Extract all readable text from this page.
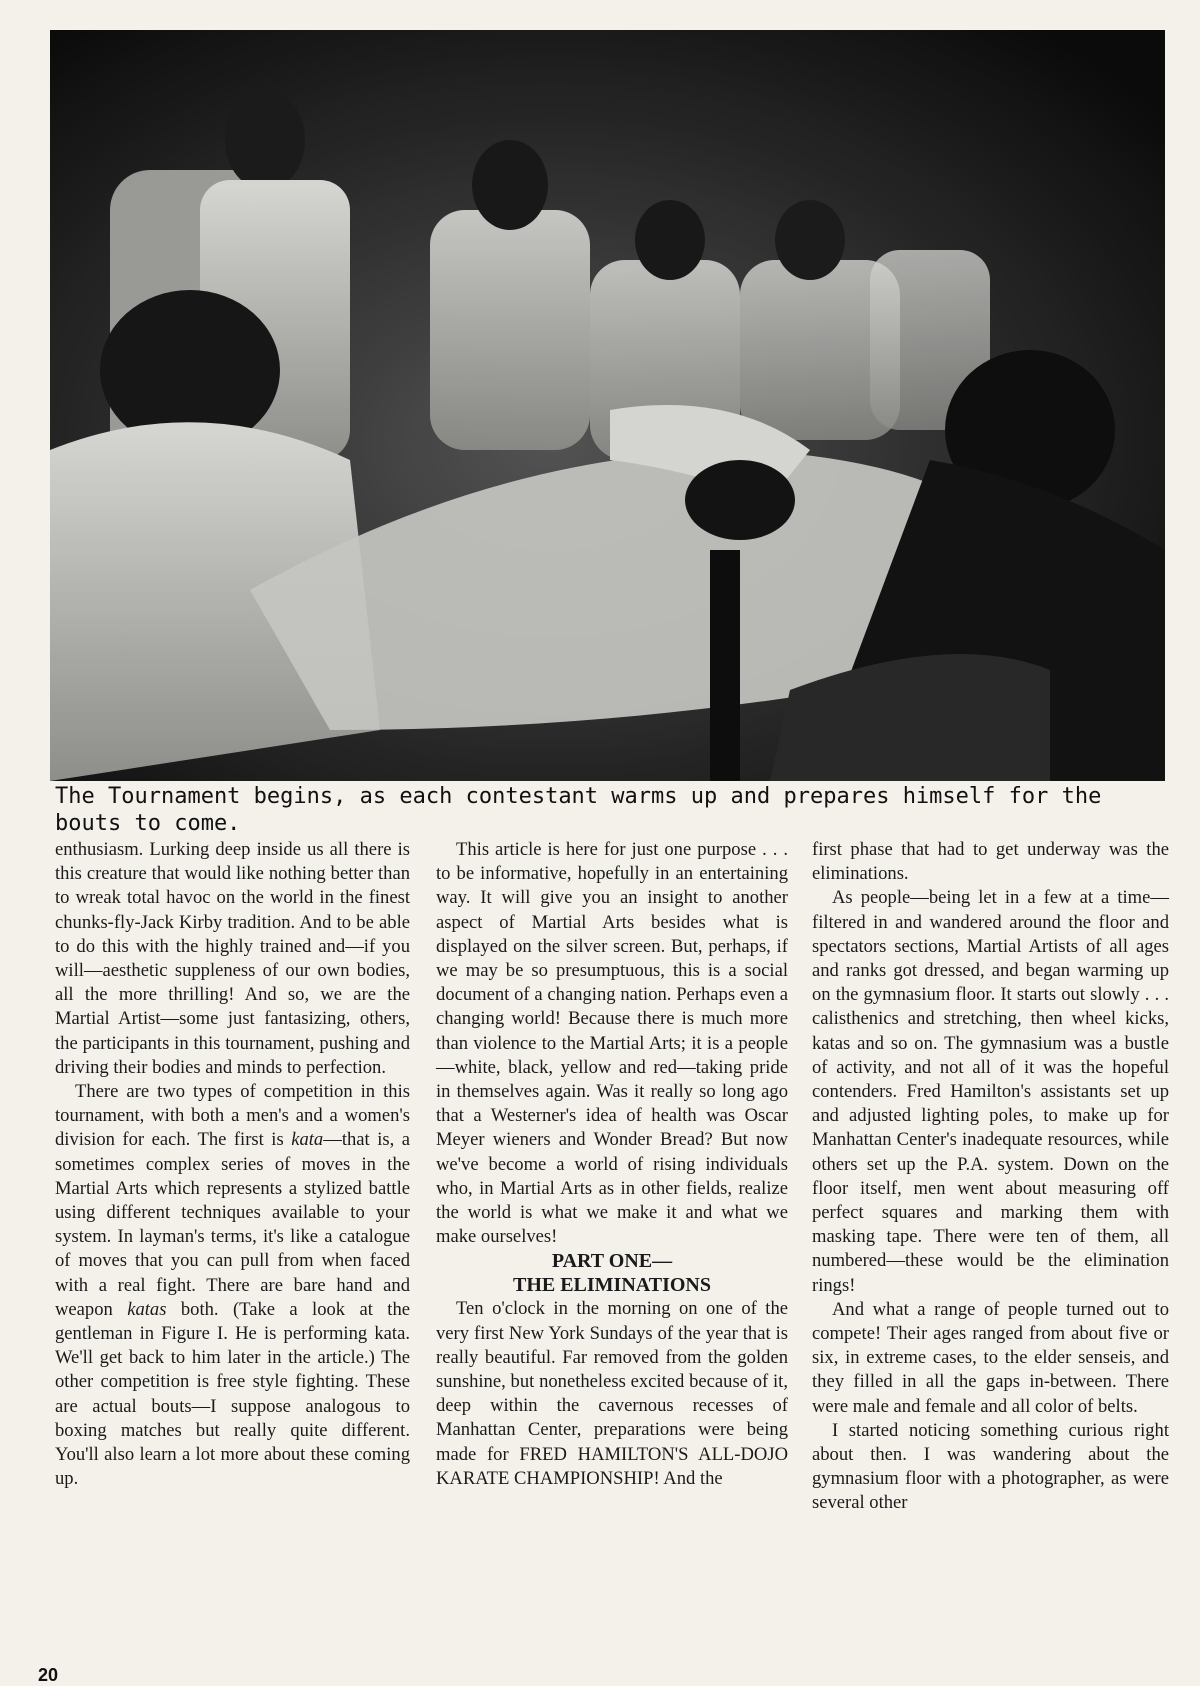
The Tournament begins, as each contestant warms up and prepares himself for the bouts to come.

enthusiasm. Lurking deep inside us all there is this creature that would like nothing better than to wreak total havoc on the world in the finest chunks-fly-Jack Kirby tradition. And to be able to do this with the highly trained and—if you will—aesthetic suppleness of our own bodies, all the more thrilling! And so, we are the Martial Artist—some just fantasizing, others, the participants in this tournament, pushing and driving their bodies and minds to perfection.

There are two types of competition in this tournament, with both a men's and a women's division for each. The first is kata—that is, a sometimes complex series of moves in the Martial Arts which represents a stylized battle using different techniques available to your system. In layman's terms, it's like a catalogue of moves that you can pull from when faced with a real fight. There are bare hand and weapon katas both. (Take a look at the gentleman in Figure I. He is performing kata. We'll get back to him later in the article.) The other competition is free style fighting. These are actual bouts—I suppose analogous to boxing matches but really quite different. You'll also learn a lot more about these coming up.

This article is here for just one purpose . . . to be informative, hopefully in an entertaining way. It will give you an insight to another aspect of Martial Arts besides what is displayed on the silver screen. But, perhaps, if we may be so presumptuous, this is a social document of a changing nation. Perhaps even a changing world! Because there is much more than violence to the Martial Arts; it is a people—white, black, yellow and red—taking pride in themselves again. Was it really so long ago that a Westerner's idea of health was Oscar Meyer wieners and Wonder Bread? But now we've become a world of rising individuals who, in Martial Arts as in other fields, realize the world is what we make it and what we make ourselves!

PART ONE—
THE ELIMINATIONS

Ten o'clock in the morning on one of the very first New York Sundays of the year that is really beautiful. Far removed from the golden sunshine, but nonetheless excited because of it, deep within the cavernous recesses of Manhattan Center, preparations were being made for FRED HAMILTON'S ALL-DOJO KARATE CHAMPIONSHIP! And the

first phase that had to get underway was the eliminations.

As people—being let in a few at a time—filtered in and wandered around the floor and spectators sections, Martial Artists of all ages and ranks got dressed, and began warming up on the gymnasium floor. It starts out slowly . . . calisthenics and stretching, then wheel kicks, katas and so on. The gymnasium was a bustle of activity, and not all of it was the hopeful contenders. Fred Hamilton's assistants set up and adjusted lighting poles, to make up for Manhattan Center's inadequate resources, while others set up the P.A. system. Down on the floor itself, men went about measuring off perfect squares and marking them with masking tape. There were ten of them, all numbered—these would be the elimination rings!

And what a range of people turned out to compete! Their ages ranged from about five or six, in extreme cases, to the elder senseis, and they filled in all the gaps in-between. There were male and female and all color of belts.

I started noticing something curious right about then. I was wandering about the gymnasium floor with a photographer, as were several other

20
